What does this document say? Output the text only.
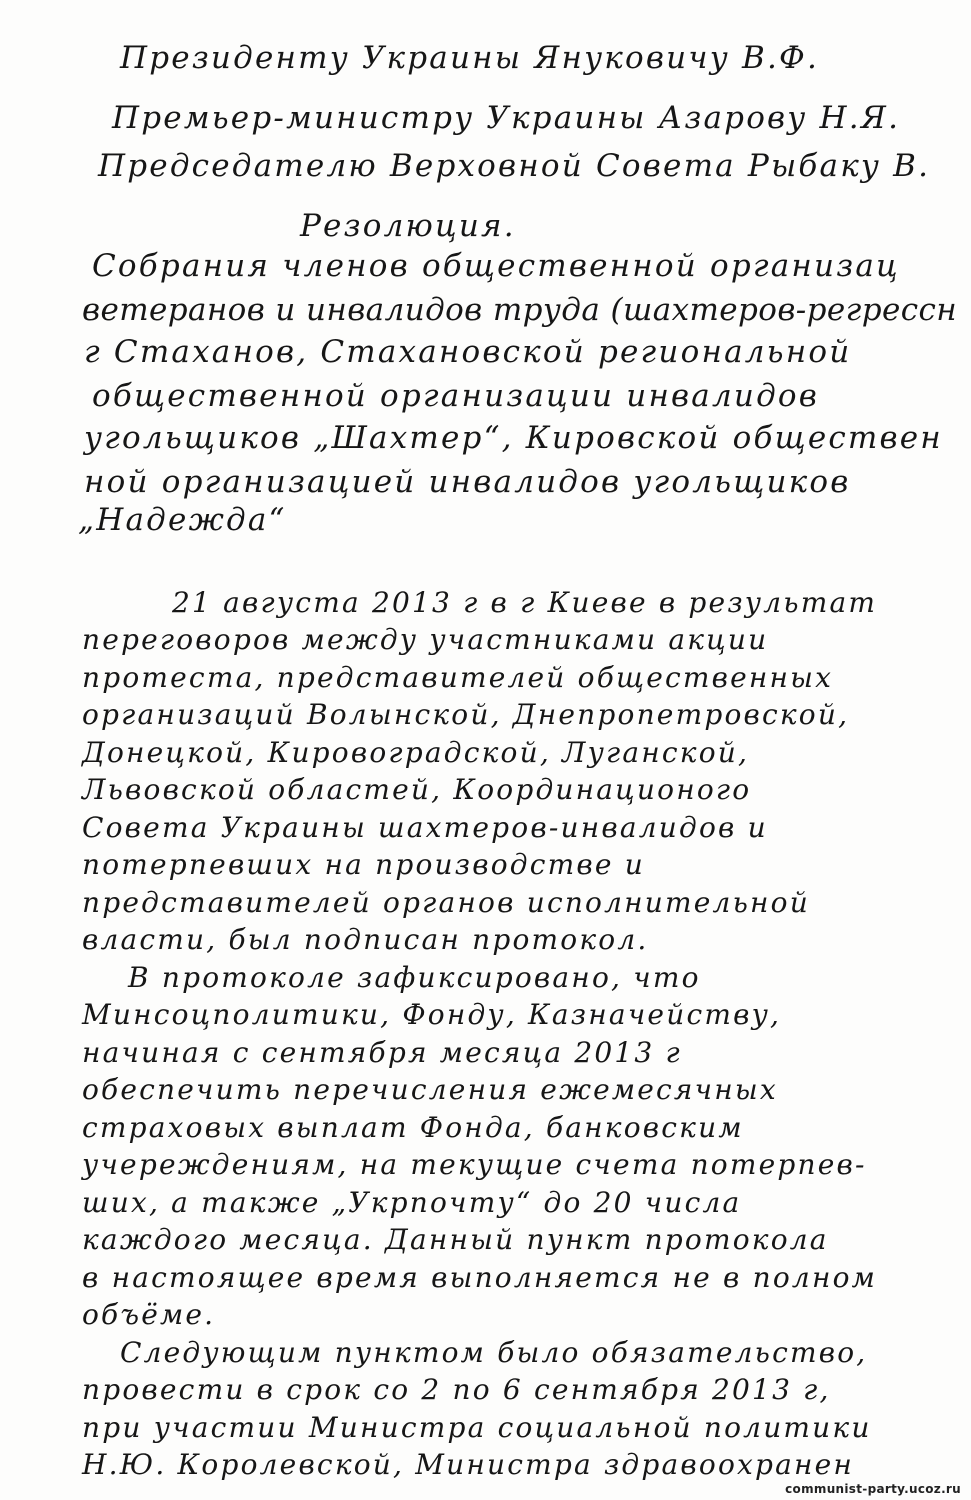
Президенту Украины Януковичу В.Ф.
Премьер-министру Украины Азарову Н.Я.
Председателю Верховной Совета Рыбаку В.
Резолюция.
Собрания членов общественной организац
ветеранов и инвалидов труда (шахтеров-регрессн
г Стаханов, Стахановской региональной
общественной организации инвалидов
угольщиков „Шахтер“, Кировской обществен
ной организацией инвалидов угольщиков
„Надежда“
21 августа 2013 г в г Киеве в результат
переговоров между участниками акции
протеста, представителей общественных
организаций Волынской, Днепропетровской,
Донецкой, Кировоградской, Луганской,
Львовской областей, Координационого
Совета Украины шахтеров-инвалидов и
потерпевших на производстве и
представителей органов исполнительной
власти, был подписан протокол.
В протоколе зафиксировано, что
Минсоцполитики, Фонду, Казначейству,
начиная с сентября месяца 2013 г
обеспечить перечисления ежемесячных
страховых выплат Фонда, банковским
учереждениям, на текущие счета потерпев-
ших, а также „Укрпочту“ до 20 числа
каждого месяца. Данный пункт протокола
в настоящее время выполняется не в полном
объёме.
Следующим пунктом было обязательство,
провести в срок со 2 по 6 сентября 2013 г,
при участии Министра социальной политики
Н.Ю. Королевской, Министра здравоохранен
communist-party.ucoz.ru
